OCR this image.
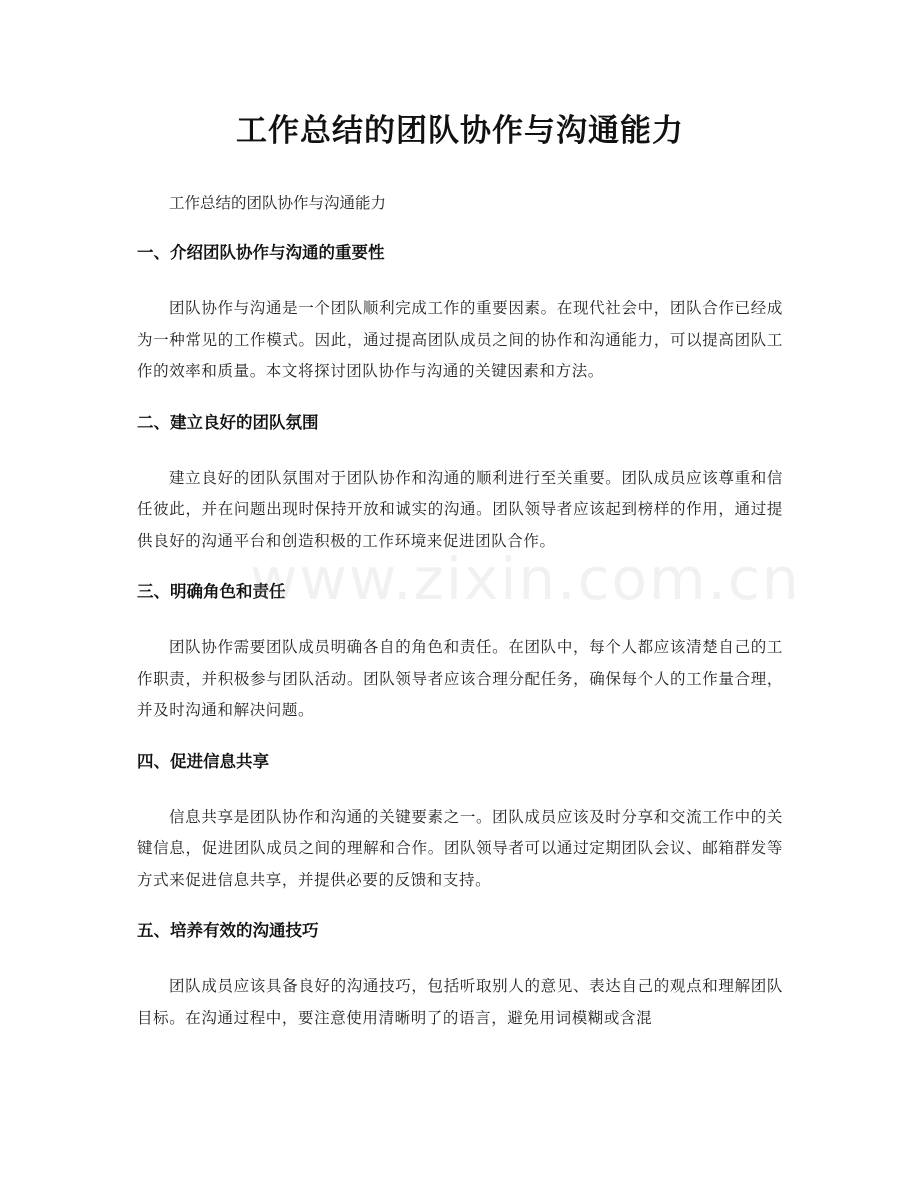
工作总结的团队协作与沟通能力

工作总结的团队协作与沟通能力

一、介绍团队协作与沟通的重要性

团队协作与沟通是一个团队顺利完成工作的重要因素。在现代社会中，团队合作已经成为一种常见的工作模式。因此，通过提高团队成员之间的协作和沟通能力，可以提高团队工作的效率和质量。本文将探讨团队协作与沟通的关键因素和方法。

二、建立良好的团队氛围

建立良好的团队氛围对于团队协作和沟通的顺利进行至关重要。团队成员应该尊重和信任彼此，并在问题出现时保持开放和诚实的沟通。团队领导者应该起到榜样的作用，通过提供良好的沟通平台和创造积极的工作环境来促进团队合作。

三、明确角色和责任

团队协作需要团队成员明确各自的角色和责任。在团队中，每个人都应该清楚自己的工作职责，并积极参与团队活动。团队领导者应该合理分配任务，确保每个人的工作量合理，并及时沟通和解决问题。

四、促进信息共享

信息共享是团队协作和沟通的关键要素之一。团队成员应该及时分享和交流工作中的关键信息，促进团队成员之间的理解和合作。团队领导者可以通过定期团队会议、邮箱群发等方式来促进信息共享，并提供必要的反馈和支持。

五、培养有效的沟通技巧

团队成员应该具备良好的沟通技巧，包括听取别人的意见、表达自己的观点和理解团队目标。在沟通过程中，要注意使用清晰明了的语言，避免用词模糊或含混

www.zixin.com.cn
